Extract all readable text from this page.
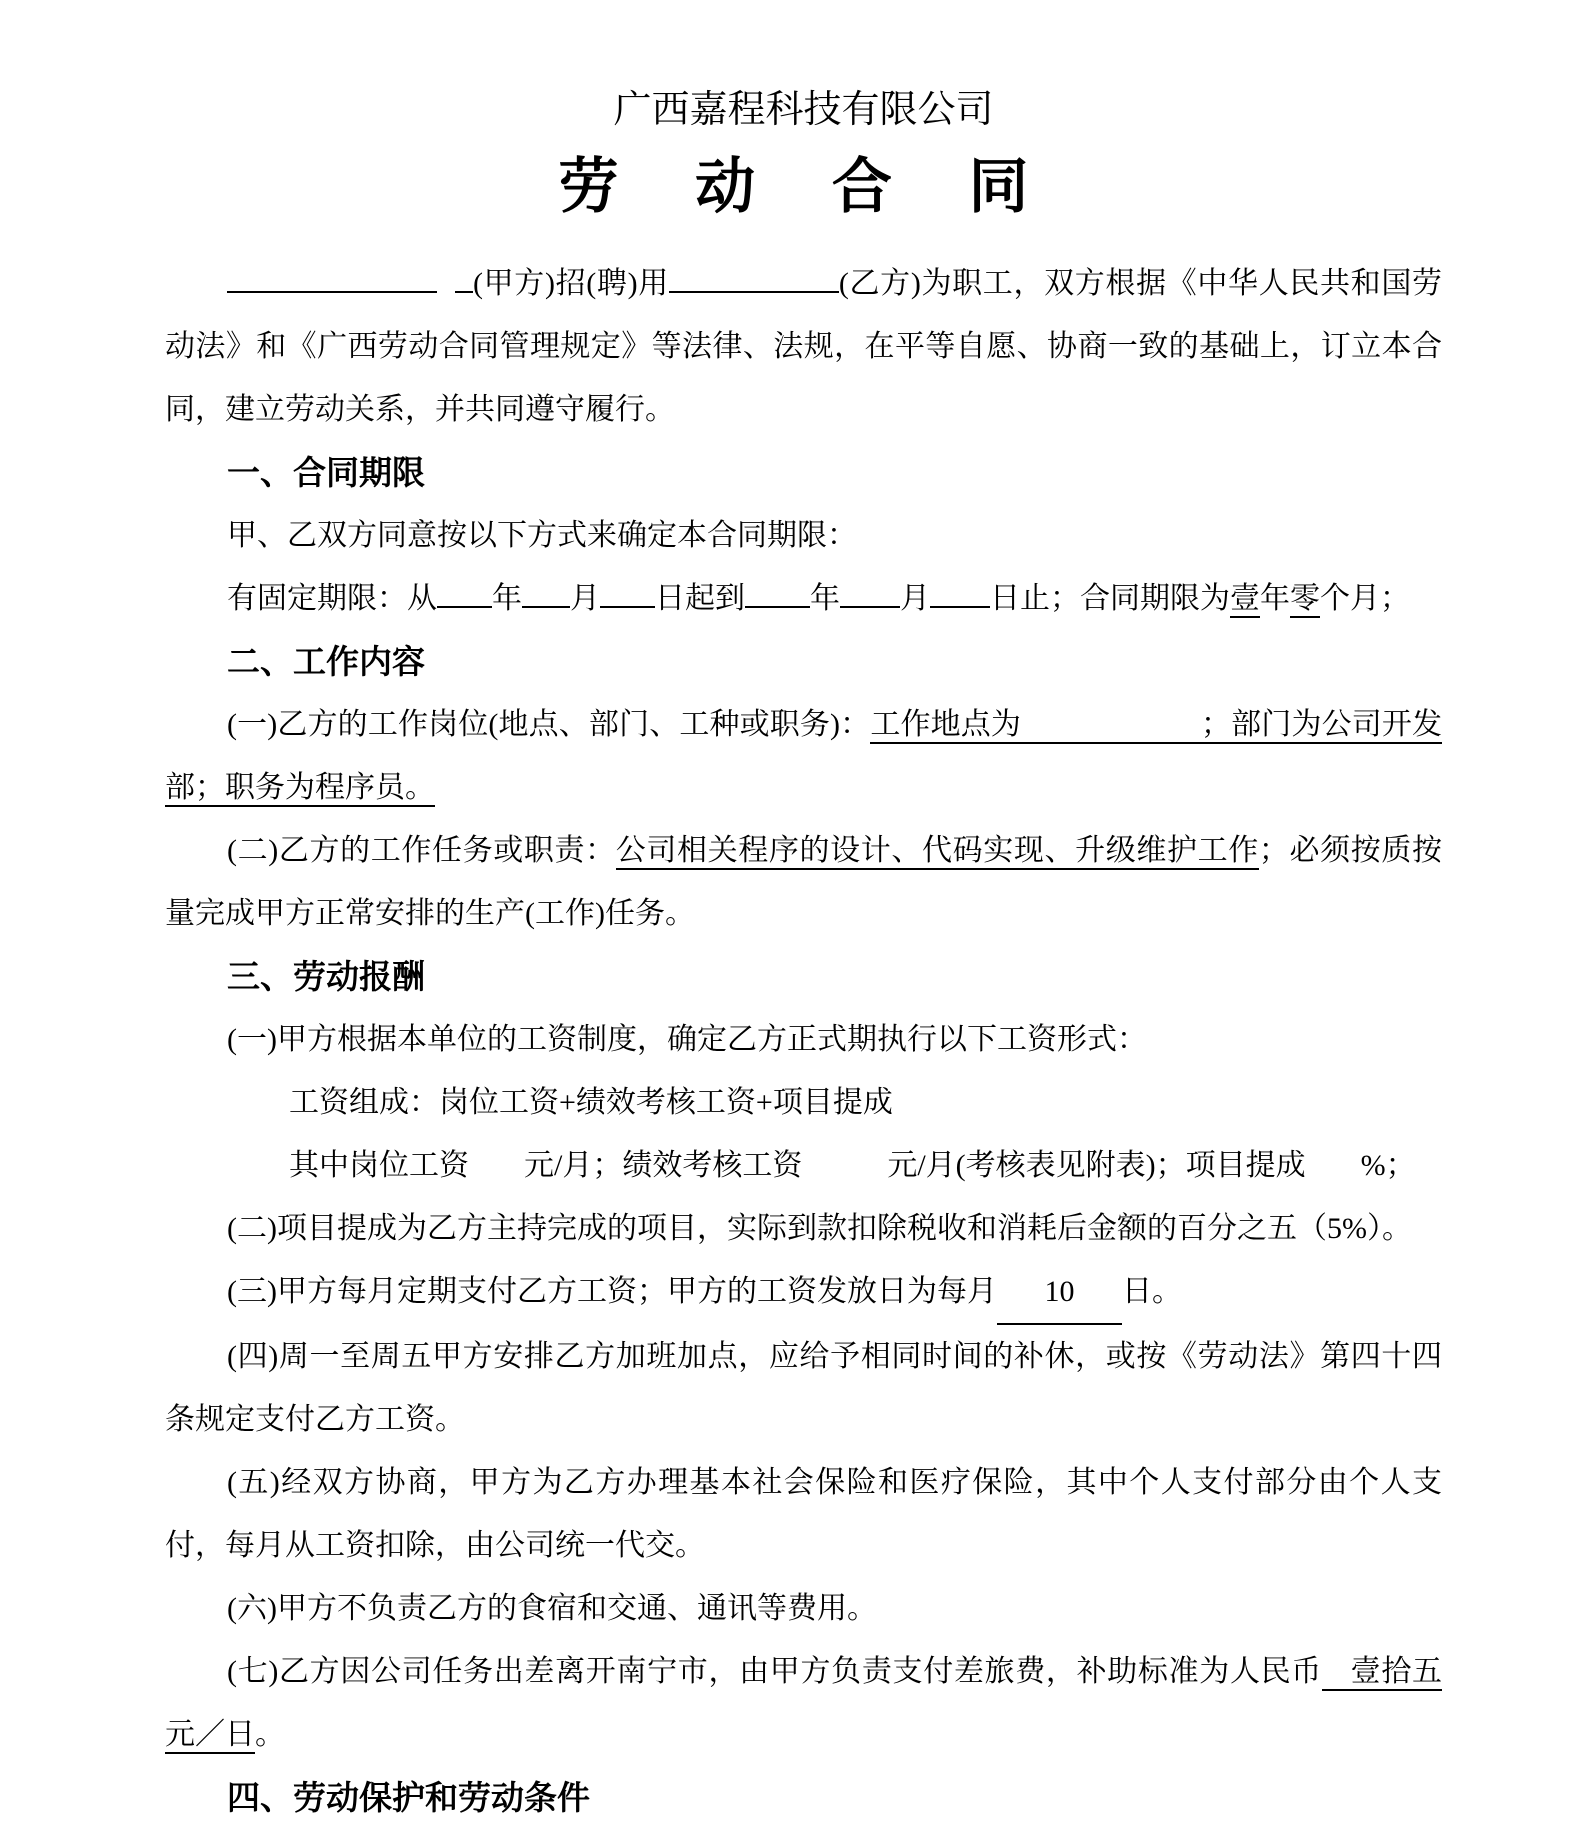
广西嘉程科技有限公司
劳 动 合 同

(甲方)招(聘)用	(乙方)为职工，双方根据《中华人民共和国劳动法》和《广西劳动合同管理规定》等法律、法规，在平等自愿、协商一致的基础上，订立本合同，建立劳动关系，并共同遵守履行。

一、合同期限

甲、乙双方同意按以下方式来确定本合同期限：

有固定期限：从 年 月 日起到 年 月 日止；合同期限为壹年零个月；

二、工作内容

(一)乙方的工作岗位(地点、部门、工种或职务)：工作地点为	；部门为公司开发部；职务为程序员。

(二)乙方的工作任务或职责：公司相关程序的设计、代码实现、升级维护工作；必须按质按量完成甲方正常安排的生产(工作)任务。

三、劳动报酬

(一)甲方根据本单位的工资制度，确定乙方正式期执行以下工资形式：

工资组成：岗位工资+绩效考核工资+项目提成

其中岗位工资 元/月；绩效考核工资	元/月(考核表见附表)；项目提成 %；

(二)项目提成为乙方主持完成的项目，实际到款扣除税收和消耗后金额的百分之五（5%）。

(三)甲方每月定期支付乙方工资；甲方的工资发放日为每月 10 日。

(四)周一至周五甲方安排乙方加班加点，应给予相同时间的补休，或按《劳动法》第四十四条规定支付乙方工资。

(五)经双方协商，甲方为乙方办理基本社会保险和医疗保险，其中个人支付部分由个人支付，每月从工资扣除，由公司统一代交。

(六)甲方不负责乙方的食宿和交通、通讯等费用。

(七)乙方因公司任务出差离开南宁市，由甲方负责支付差旅费，补助标准为人民币 壹拾五元／日。

四、劳动保护和劳动条件
